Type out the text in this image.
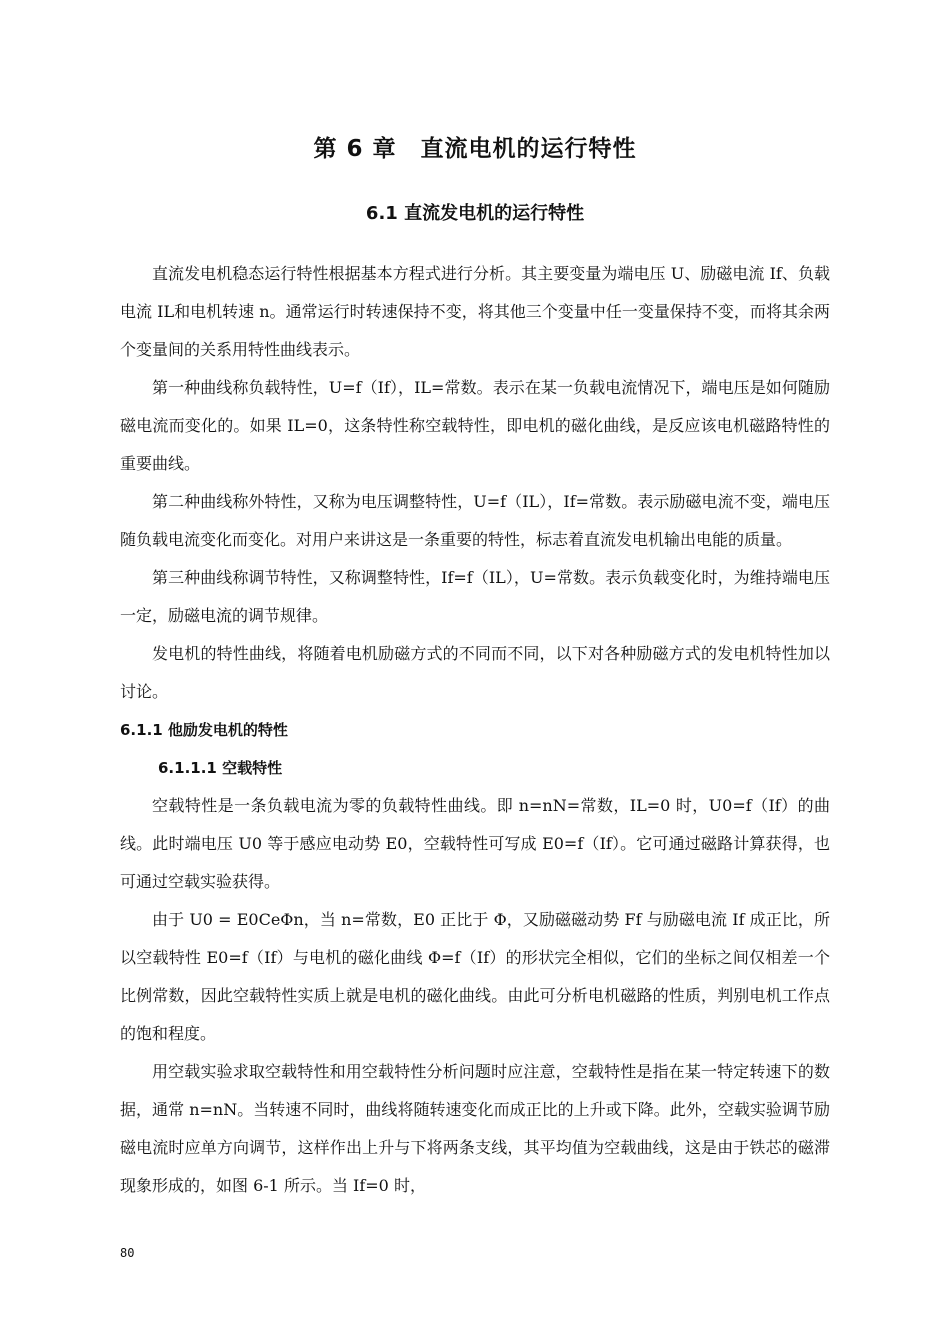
第 6 章　直流电机的运行特性
6.1 直流发电机的运行特性

直流发电机稳态运行特性根据基本方程式进行分析。其主要变量为端电压 U、励磁电流 If、负载电流 IL和电机转速 n。通常运行时转速保持不变，将其他三个变量中任一变量保持不变，而将其余两个变量间的关系用特性曲线表示。

第一种曲线称负载特性，U=f（If），IL=常数。表示在某一负载电流情况下，端电压是如何随励磁电流而变化的。如果 IL=0，这条特性称空载特性，即电机的磁化曲线，是反应该电机磁路特性的重要曲线。

第二种曲线称外特性，又称为电压调整特性，U=f（IL），If=常数。表示励磁电流不变，端电压随负载电流变化而变化。对用户来讲这是一条重要的特性，标志着直流发电机输出电能的质量。

第三种曲线称调节特性，又称调整特性，If=f（IL），U=常数。表示负载变化时，为维持端电压一定，励磁电流的调节规律。

发电机的特性曲线，将随着电机励磁方式的不同而不同，以下对各种励磁方式的发电机特性加以讨论。

6.1.1 他励发电机的特性
6.1.1.1 空载特性

空载特性是一条负载电流为零的负载特性曲线。即 n=nN=常数，IL=0 时，U0=f（If）的曲线。此时端电压 U0 等于感应电动势 E0，空载特性可写成 E0=f（If）。它可通过磁路计算获得，也可通过空载实验获得。

由于 U0 = E0CeΦn，当 n=常数，E0 正比于 Φ，又励磁磁动势 Ff 与励磁电流 If 成正比，所以空载特性 E0=f（If）与电机的磁化曲线 Φ=f（If）的形状完全相似，它们的坐标之间仅相差一个比例常数，因此空载特性实质上就是电机的磁化曲线。由此可分析电机磁路的性质，判别电机工作点的饱和程度。

用空载实验求取空载特性和用空载特性分析问题时应注意，空载特性是指在某一特定转速下的数据，通常 n=nN。当转速不同时，曲线将随转速变化而成正比的上升或下降。此外，空载实验调节励磁电流时应单方向调节，这样作出上升与下将两条支线，其平均值为空载曲线，这是由于铁芯的磁滞现象形成的，如图 6-1 所示。当 If=0 时，

80
